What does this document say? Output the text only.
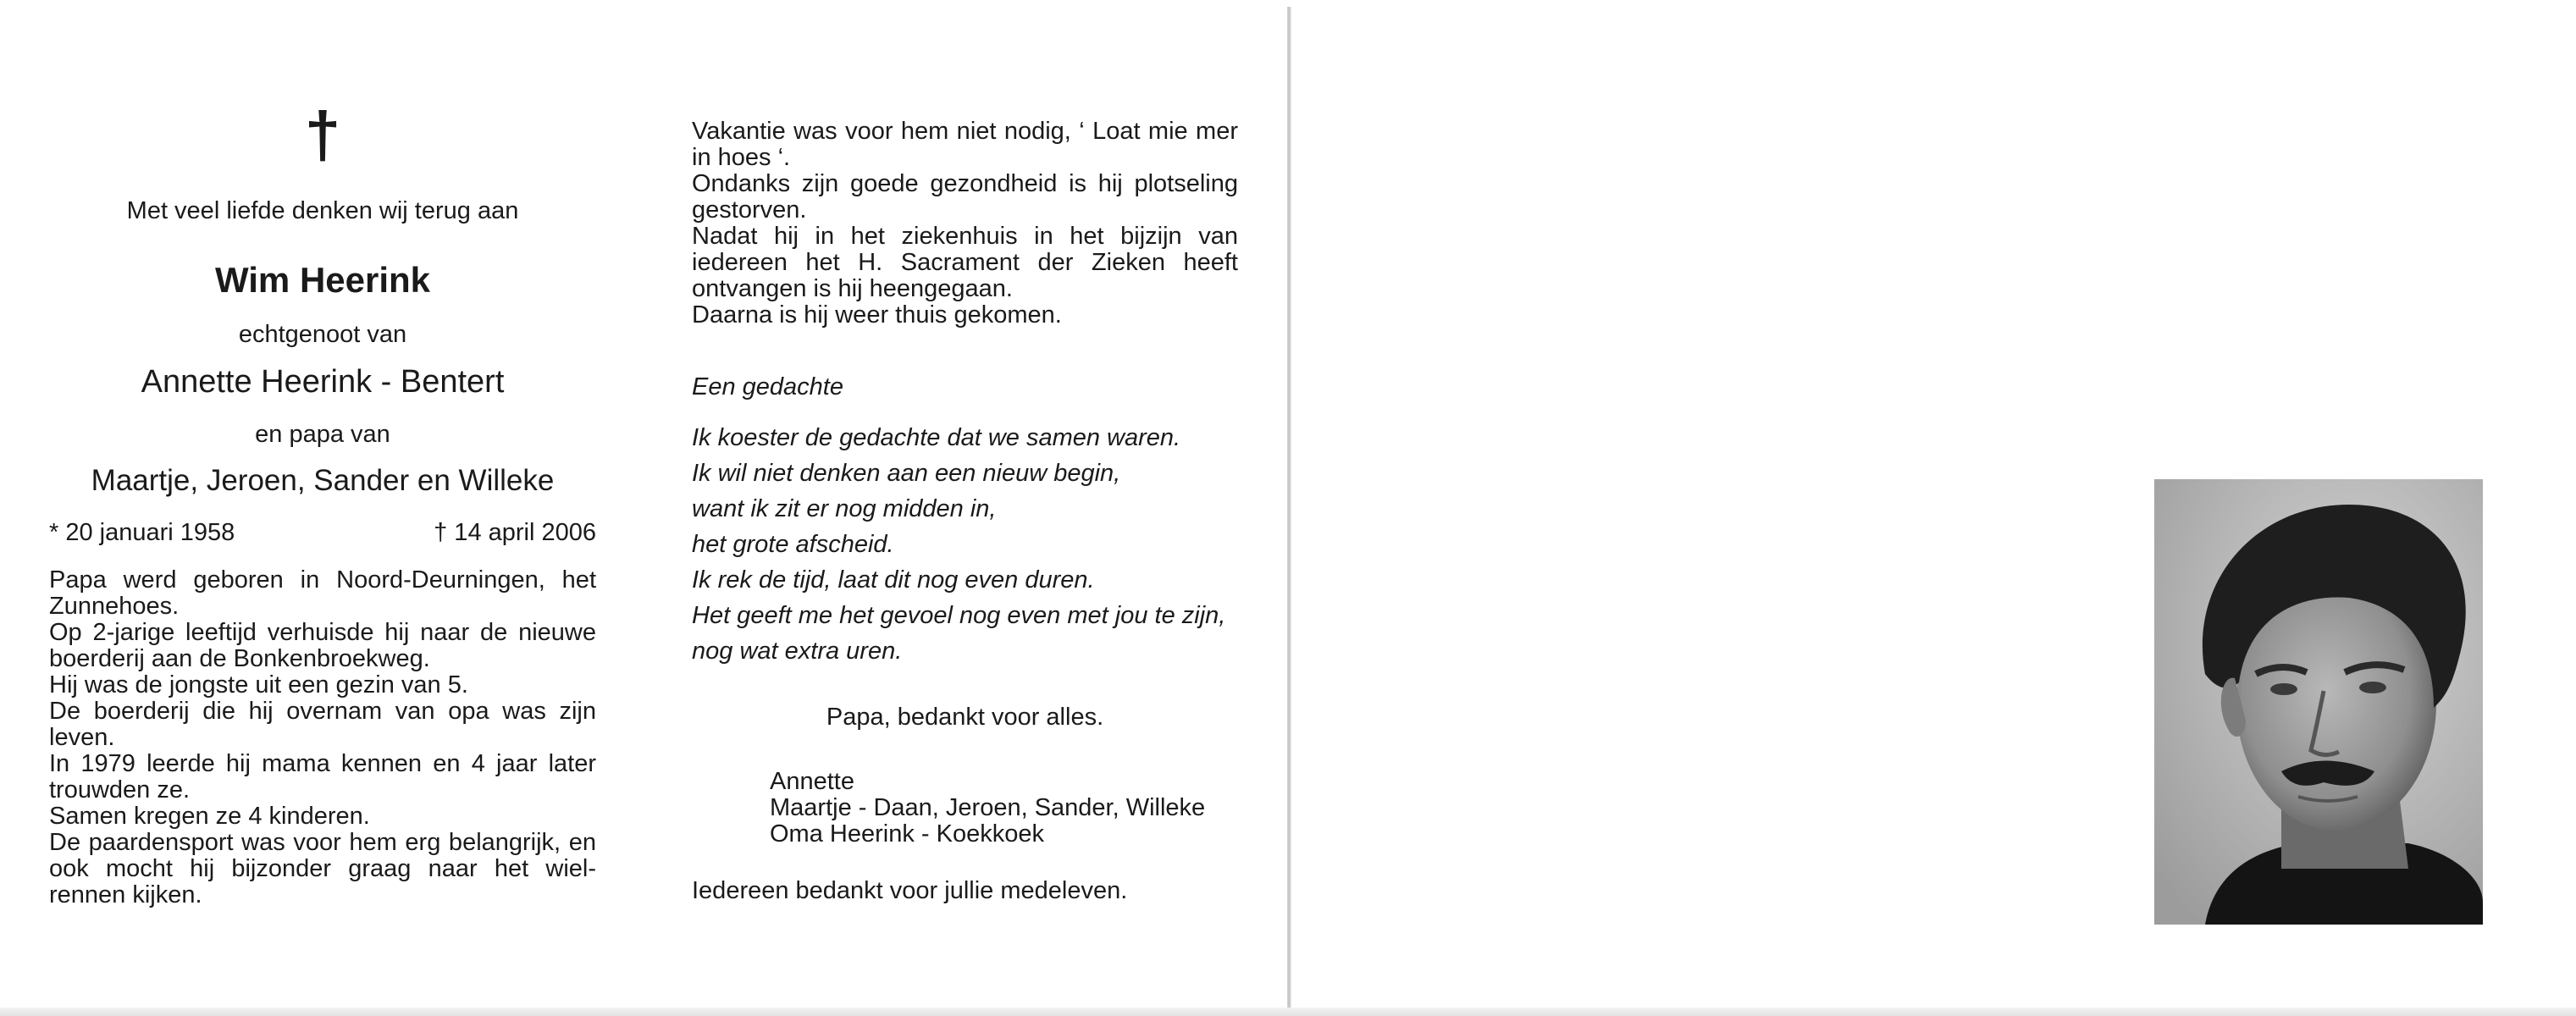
†
Met veel liefde denken wij terug aan
Wim Heerink
echtgenoot van
Annette Heerink - Bentert
en papa van
Maartje, Jeroen, Sander en Willeke
* 20 januari 1958	† 14 april 2006

Papa werd geboren in Noord-Deurningen, het Zunnehoes.

Op 2-jarige leeftijd verhuisde hij naar de nieuwe boerderij aan de Bonkenbroekweg.

Hij was de jongste uit een gezin van 5.

De boerderij die hij overnam van opa was zijn leven.

In 1979 leerde hij mama kennen en 4 jaar later trouwden ze.

Samen kregen ze 4 kinderen.

De paardensport was voor hem erg belangrijk, en ook mocht hij bijzonder graag naar het wiel-rennen kijken.

Vakantie was voor hem niet nodig, ‘ Loat mie mer in hoes ‘.

Ondanks zijn goede gezondheid is hij plotseling gestorven.

Nadat hij in het ziekenhuis in het bijzijn van iedereen het H. Sacrament der Zieken heeft ontvangen is hij heengegaan.

Daarna is hij weer thuis gekomen.

Een gedachte
Ik koester de gedachte dat we samen waren.
Ik wil niet denken aan een nieuw begin,
want ik zit er nog midden in,
het grote afscheid.
Ik rek de tijd, laat dit nog even duren.
Het geeft me het gevoel nog even met jou te zijn,
nog wat extra uren.
Papa, bedankt voor alles.
Annette
Maartje - Daan, Jeroen, Sander, Willeke
Oma Heerink - Koekkoek
Iedereen bedankt voor jullie medeleven.
